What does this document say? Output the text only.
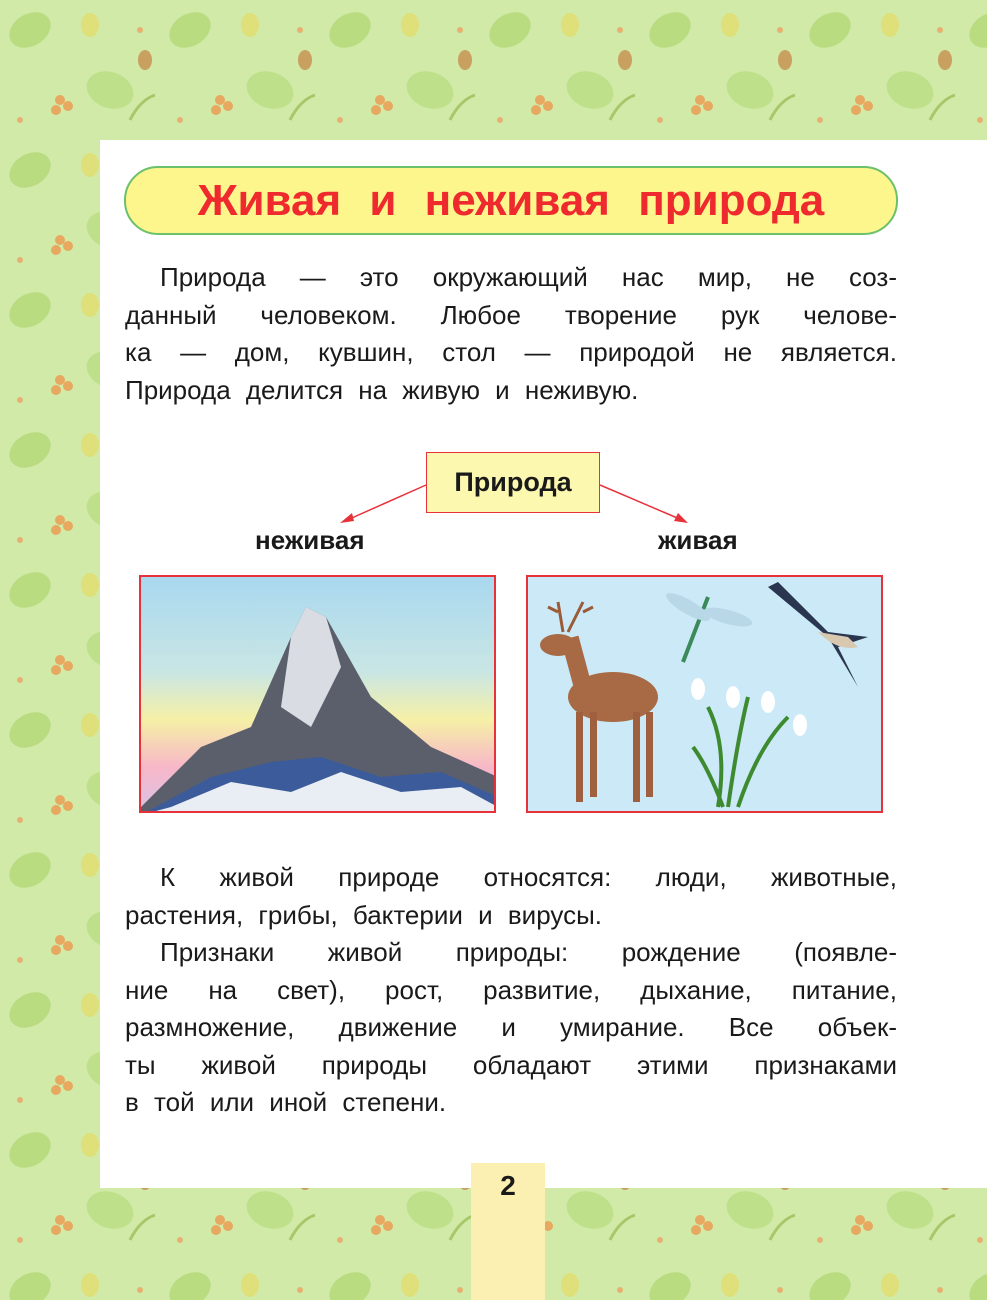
Живая и неживая природа
Природа — это окружающий нас мир, не соз-
данный человеком. Любое творение рук челове-
ка — дом, кувшин, стол — природой не является.
Природа делится на живую и неживую.
Природа
неживая	живая
К живой природе относятся: люди, животные,
растения, грибы, бактерии и вирусы.
Признаки живой природы: рождение (появле-
ние на свет), рост, развитие, дыхание, питание,
размножение, движение и умирание. Все объек-
ты живой природы обладают этими признаками
в той или иной степени.
2
